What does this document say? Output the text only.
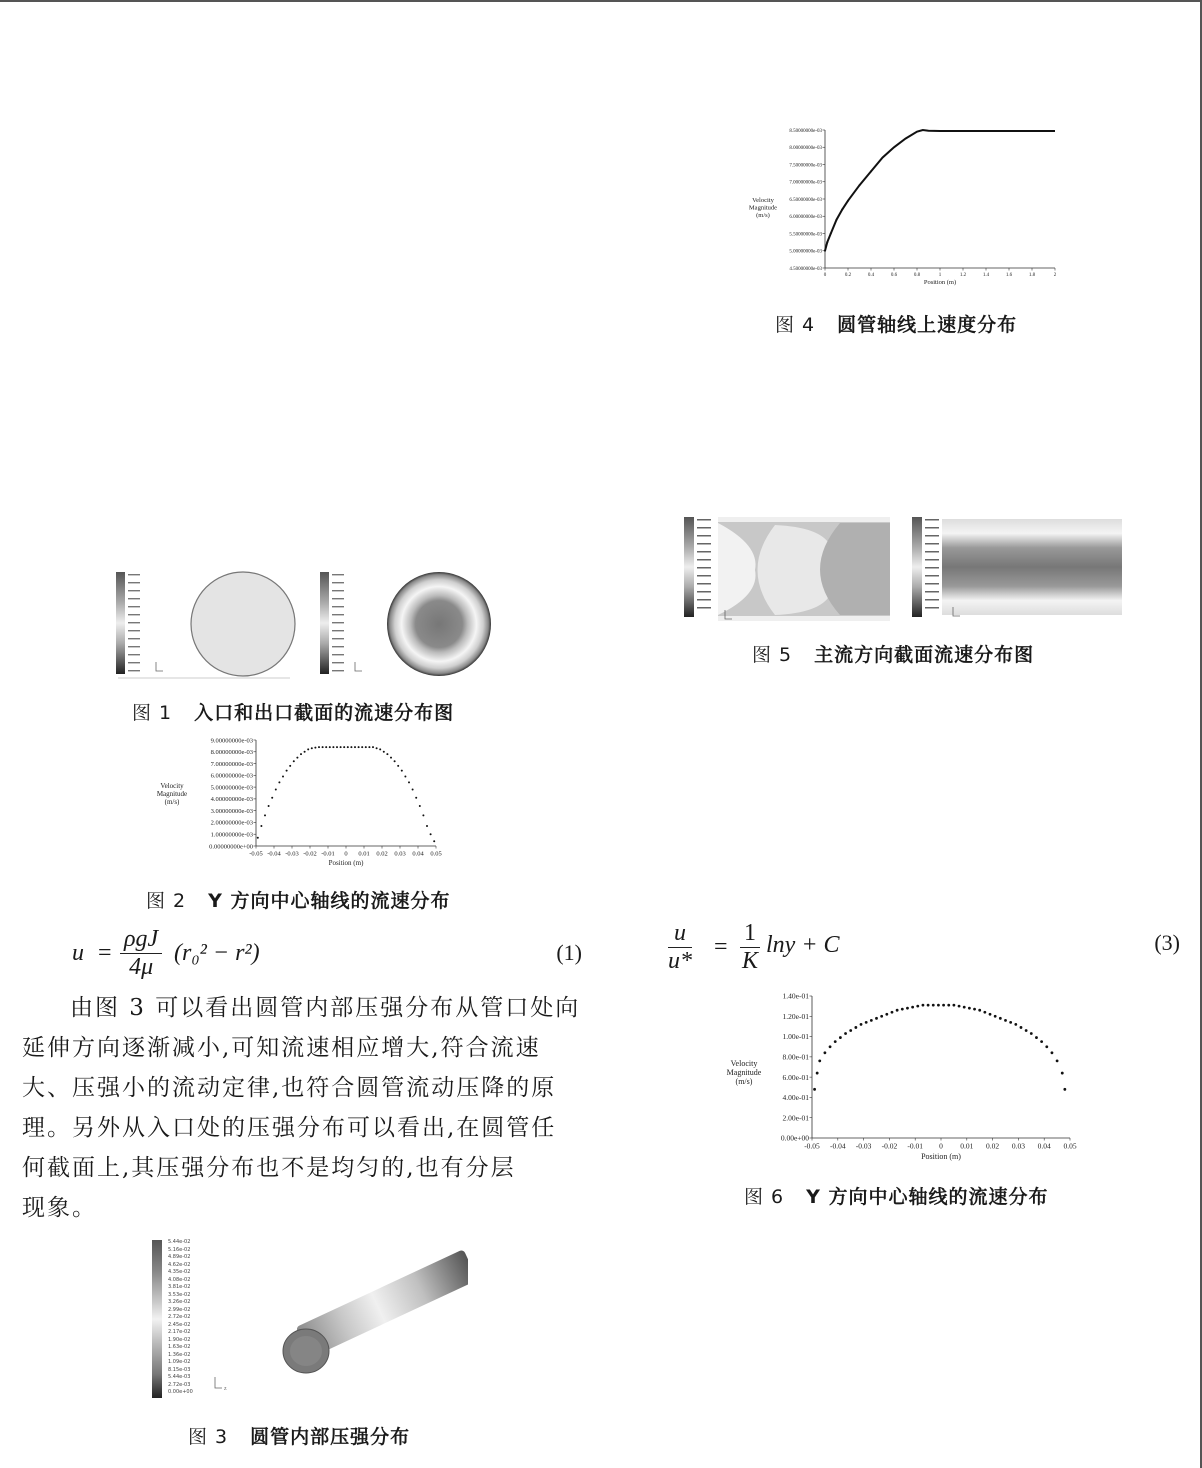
0	0.2	0.4	0.6	0.8	1	1.2	1.4	1.6	1.8	2
4.50000000e-03
5.00000000e-03
5.50000000e-03
6.00000000e-03
6.50000000e-03
7.00000000e-03
7.50000000e-03
8.00000000e-03
8.50000000e-03
Position (m)
Velocity
Magnitude
(m/s)
图 4 圆管轴线上速度分布
图 5 主流方向截面流速分布图
图 1 入口和出口截面的流速分布图
-0.05 -0.04 -0.03 -0.02 -0.01 0 0.01 0.02 0.03 0.04 0.05
0.00000000e+00
1.00000000e-03
2.00000000e-03
3.00000000e-03
4.00000000e-03
5.00000000e-03
6.00000000e-03
7.00000000e-03
8.00000000e-03
9.00000000e-03
Position (m)
Velocity
Magnitude
(m/s)
图 2 Y 方向中心轴线的流速分布
u =
ρgJ
4μ
(r₀² − r²)	(1)
由图 3 可以看出圆管内部压强分布从管口处向
延伸方向逐渐减小,可知流速相应增大,符合流速
大、压强小的流动定律,也符合圆管流动压降的原
理。另外从入口处的压强分布可以看出,在圆管任
何截面上,其压强分布也不是均匀的,也有分层
现象。
5.44e-02
5.16e-02
4.89e-02
4.62e-02
4.35e-02
4.08e-02
3.81e-02
3.53e-02
3.26e-02
2.99e-02
2.72e-02
2.45e-02
2.17e-02
1.90e-02
1.63e-02
1.36e-02
1.09e-02
8.15e-03
5.44e-03
2.72e-03
0.00e+00	z
图 3 圆管内部压强分布
$\frac{u}{u*} = \frac{1}{K}$ lny + C	(3)
-0.05 -0.04 -0.03 -0.02 -0.01 0 0.01 0.02 0.03 0.04 0.05
0.00e+00
2.00e-01
4.00e-01
6.00e-01
8.00e-01
1.00e-01
1.20e-01
1.40e-01
Position (m)
Velocity
Magnitude
(m/s)
图 6 Y 方向中心轴线的流速分布
